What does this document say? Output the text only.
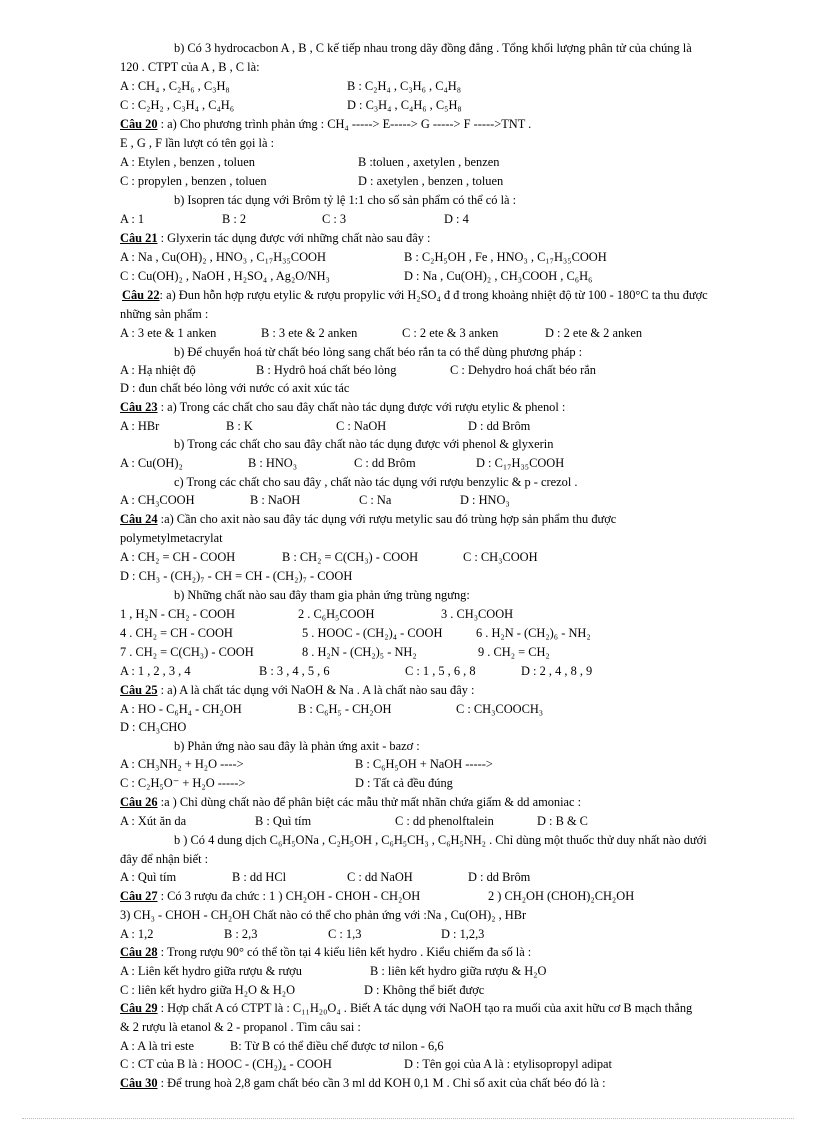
b) Có 3 hydrocacbon A , B , C kế tiếp nhau trong dãy đồng đẳng . Tổng khối lượng phân tử của chúng là
120 . CTPT của A , B , C là:
A : CH₄ , C₂H₆ , C₃H₈	B : C₂H₄ , C₃H₆ , C₄H₈
C : C₂H₂ , C₃H₄ , C₄H₆	D : C₃H₄ , C₄H₆ , C₅H₈
Câu 20 : a) Cho phương trình phản ứng : CH₄ -----> E-----> G -----> F ----->TNT .
E , G , F lần lượt có tên gọi là :
A : Etylen , benzen , toluen	B :toluen , axetylen , benzen
C : propylen , benzen , toluen	D : axetylen , benzen , toluen
b) Isopren tác dụng với Brôm tỷ lệ 1:1 cho số sản phẩm có thể có là :
A : 1	B : 2	C : 3	D : 4
Câu 21 : Glyxerin tác dụng được với những chất nào sau đây :
A : Na , Cu(OH)₂ , HNO₃ , C₁₇H₃₅COOH	B : C₂H₅OH , Fe , HNO₃ , C₁₇H₃₅COOH
C : Cu(OH)₂ , NaOH , H₂SO₄ , Ag₂O/NH₃	D : Na , Cu(OH)₂ , CH₃COOH , C₆H₆
Câu 22: a) Đun hỗn hợp rượu etylic & rượu propylic với H₂SO₄ đ đ trong khoảng nhiệt độ từ 100 - 180°C ta thu được
những sản phẩm :
A : 3 ete & 1 anken	B : 3 ete & 2 anken	C : 2 ete & 3 anken	D : 2 ete & 2 anken
b) Để chuyển hoá từ chất béo lỏng sang chất béo rắn ta có thể dùng phương pháp :
A : Hạ nhiệt độ	B : Hydrô hoá chất béo lỏng	C : Dehydro hoá chất béo rắn
D : đun chất béo lỏng với nước có axit xúc tác
Câu 23 : a) Trong các chất cho sau đây chất nào tác dụng được với rượu etylic & phenol :
A : HBr	B : K	C : NaOH	D : dd Brôm
b) Trong các chất cho sau đây chất nào tác dụng được với phenol & glyxerin
A : Cu(OH)₂	B : HNO₃	C : dd Brôm	D : C₁₇H₃₅COOH
c) Trong các chất cho sau đây , chất nào tác dụng với rượu benzylic & p - crezol .
A : CH₃COOH	B : NaOH	C : Na	D : HNO₃
Câu 24 :a) Cần cho axit nào sau đây tác dụng với rượu metylic sau đó trùng hợp sản phẩm thu được
polymetylmetacrylat
A : CH₂ = CH - COOH	B : CH₂ = C(CH₃) - COOH	C : CH₃COOH
D : CH₃ - (CH₂)₇ - CH = CH - (CH₂)₇ - COOH
b) Những chất nào sau đây tham gia phản ứng trùng ngưng:
1 , H₂N - CH₂ - COOH	2 . C₆H₅COOH	3 . CH₃COOH
4 . CH₂ = CH - COOH	5 . HOOC - (CH₂)₄ - COOH	6 . H₂N - (CH₂)₆ - NH₂
7 . CH₂ = C(CH₃) - COOH	8 . H₂N - (CH₂)₅ - NH₂	9 . CH₂ = CH₂
A : 1 , 2 , 3 , 4	B : 3 , 4 , 5 , 6	C : 1 , 5 , 6 , 8	D : 2 , 4 , 8 , 9
Câu 25 : a) A là chất tác dụng với NaOH & Na . A là chất nào sau đây :
A : HO - C₆H₄ - CH₂OH	B : C₆H₅ - CH₂OH	C : CH₃COOCH₃
D : CH₃CHO
b) Phản ứng nào sau đây là phản ứng axit - bazơ :
A : CH₃NH₂ + H₂O ---->	B : C₆H₅OH + NaOH ----->
C : C₂H₅O⁻ + H₂O ----->	D : Tất cả đều đúng
Câu 26 :a ) Chỉ dùng chất nào để phân biệt các mẫu thử mất nhãn chứa giấm & dd amoniac :
A : Xút ăn da	B : Quì tím	C : dd phenolftalein	D : B & C
b ) Có 4 dung dịch C₆H₅ONa , C₂H₅OH , C₆H₅CH₃ , C₆H₅NH₂ . Chỉ dùng một thuốc thử duy nhất nào dưới
đây để nhận biết :
A : Quì tím	B : dd HCl	C : dd NaOH	D : dd Brôm
Câu 27 : Có 3 rượu đa chức : 1 ) CH₂OH - CHOH - CH₂OH	2 ) CH₂OH (CHOH)₂CH₂OH
3) CH₃ - CHOH - CH₂OH Chất nào có thể cho phản ứng với :Na , Cu(OH)₂ , HBr
A : 1,2	B : 2,3	C : 1,3	D : 1,2,3
Câu 28 : Trong rượu 90° có thể tồn tại 4 kiểu liên kết hydro . Kiểu chiếm đa số là :
A : Liên kết hydro giữa rượu & rượu	B : liên kết hydro giữa rượu & H₂O
C : liên kết hydro giữa H₂O & H₂O	D : Không thể biết được
Câu 29 : Hợp chất A có CTPT là : C₁₁H₂₀O₄ . Biết A tác dụng với NaOH tạo ra muối của axit hữu cơ B mạch thẳng
& 2 rượu là etanol & 2 - propanol . Tìm câu sai :
A : A là tri este	B: Từ B có thể điều chế được tơ nilon - 6,6
C : CT của B là : HOOC - (CH₂)₄ - COOH	D : Tên gọi của A là : etylisopropyl adipat
Câu 30 : Để trung hoà 2,8 gam chất béo cần 3 ml dd KOH 0,1 M . Chỉ số axit của chất béo đó là :
